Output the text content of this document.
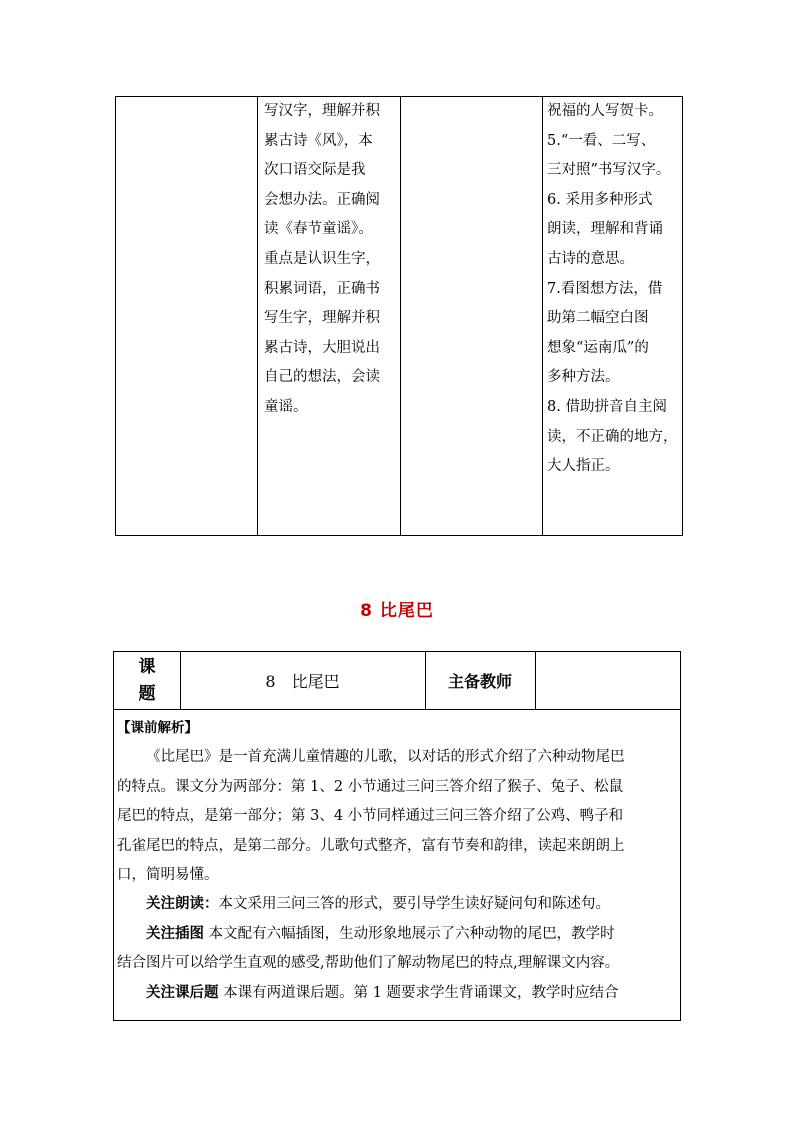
写汉字，理解并积

累古诗《风》，本

次口语交际是我

会想办法。正确阅

读《春节童谣》。

重点是认识生字，

积累词语，正确书

写生字，理解并积

累古诗，大胆说出

自己的想法，会读

童谣。

祝福的人写贺卡。

5.“一看、二写、

三对照”书写汉字。

6. 采用多种形式

朗读，理解和背诵

古诗的意思。

7.看图想方法，借

助第二幅空白图

想象“运南瓜”的

多种方法。

8. 借助拼音自主阅

读，不正确的地方，

大人指正。

8 比尾巴
课
题
8　比尾巴	主备教师

【课前解析】

《比尾巴》是一首充满儿童情趣的儿歌，以对话的形式介绍了六种动物尾巴

的特点。课文分为两部分：第 1、2 小节通过三问三答介绍了猴子、兔子、松鼠

尾巴的特点，是第一部分；第 3、4 小节同样通过三问三答介绍了公鸡、鸭子和

孔雀尾巴的特点，是第二部分。儿歌句式整齐，富有节奏和韵律，读起来朗朗上

口，简明易懂。

关注朗读：本文采用三问三答的形式，要引导学生读好疑问句和陈述句。

关注插图 本文配有六幅插图，生动形象地展示了六种动物的尾巴，教学时

结合图片可以给学生直观的感受,帮助他们了解动物尾巴的特点,理解课文内容。

关注课后题 本课有两道课后题。第 1 题要求学生背诵课文，教学时应结合
